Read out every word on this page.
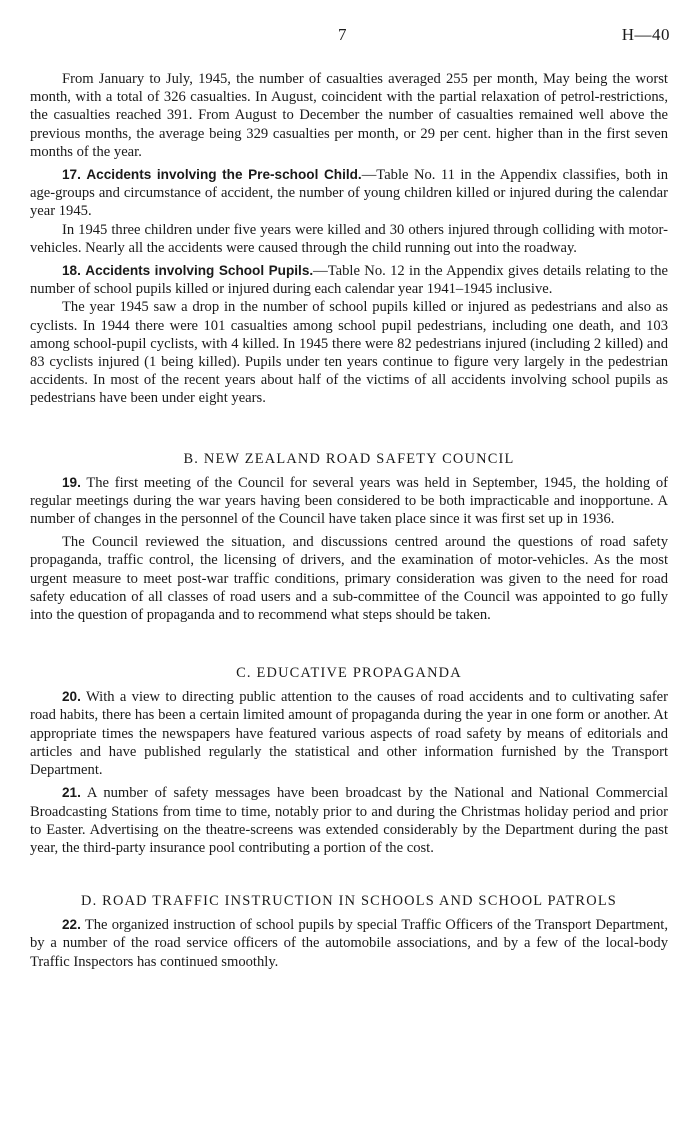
7	H—40

From January to July, 1945, the number of casualties averaged 255 per month, May being the worst month, with a total of 326 casualties. In August, coincident with the partial relaxation of petrol-restrictions, the casualties reached 391. From August to December the number of casualties remained well above the previous months, the average being 329 casualties per month, or 29 per cent. higher than in the first seven months of the year.

17. Accidents involving the Pre-school Child.—Table No. 11 in the Appendix classifies, both in age-groups and circumstance of accident, the number of young children killed or injured during the calendar year 1945.

In 1945 three children under five years were killed and 30 others injured through colliding with motor-vehicles. Nearly all the accidents were caused through the child running out into the roadway.

18. Accidents involving School Pupils.—Table No. 12 in the Appendix gives details relating to the number of school pupils killed or injured during each calendar year 1941–1945 inclusive.

The year 1945 saw a drop in the number of school pupils killed or injured as pedestrians and also as cyclists. In 1944 there were 101 casualties among school pupil pedestrians, including one death, and 103 among school-pupil cyclists, with 4 killed. In 1945 there were 82 pedestrians injured (including 2 killed) and 83 cyclists injured (1 being killed). Pupils under ten years continue to figure very largely in the pedestrian accidents. In most of the recent years about half of the victims of all accidents involving school pupils as pedestrians have been under eight years.

B. NEW ZEALAND ROAD SAFETY COUNCIL

19. The first meeting of the Council for several years was held in September, 1945, the holding of regular meetings during the war years having been considered to be both impracticable and inopportune. A number of changes in the personnel of the Council have taken place since it was first set up in 1936.

The Council reviewed the situation, and discussions centred around the questions of road safety propaganda, traffic control, the licensing of drivers, and the examination of motor-vehicles. As the most urgent measure to meet post-war traffic conditions, primary consideration was given to the need for road safety education of all classes of road users and a sub-committee of the Council was appointed to go fully into the question of propaganda and to recommend what steps should be taken.

C. EDUCATIVE PROPAGANDA

20. With a view to directing public attention to the causes of road accidents and to cultivating safer road habits, there has been a certain limited amount of propaganda during the year in one form or another. At appropriate times the newspapers have featured various aspects of road safety by means of editorials and articles and have published regularly the statistical and other information furnished by the Transport Department.

21. A number of safety messages have been broadcast by the National and National Commercial Broadcasting Stations from time to time, notably prior to and during the Christmas holiday period and prior to Easter. Advertising on the theatre-screens was extended considerably by the Department during the past year, the third-party insurance pool contributing a portion of the cost.

D. ROAD TRAFFIC INSTRUCTION IN SCHOOLS AND SCHOOL PATROLS

22. The organized instruction of school pupils by special Traffic Officers of the Transport Department, by a number of the road service officers of the automobile associations, and by a few of the local-body Traffic Inspectors has continued smoothly.
